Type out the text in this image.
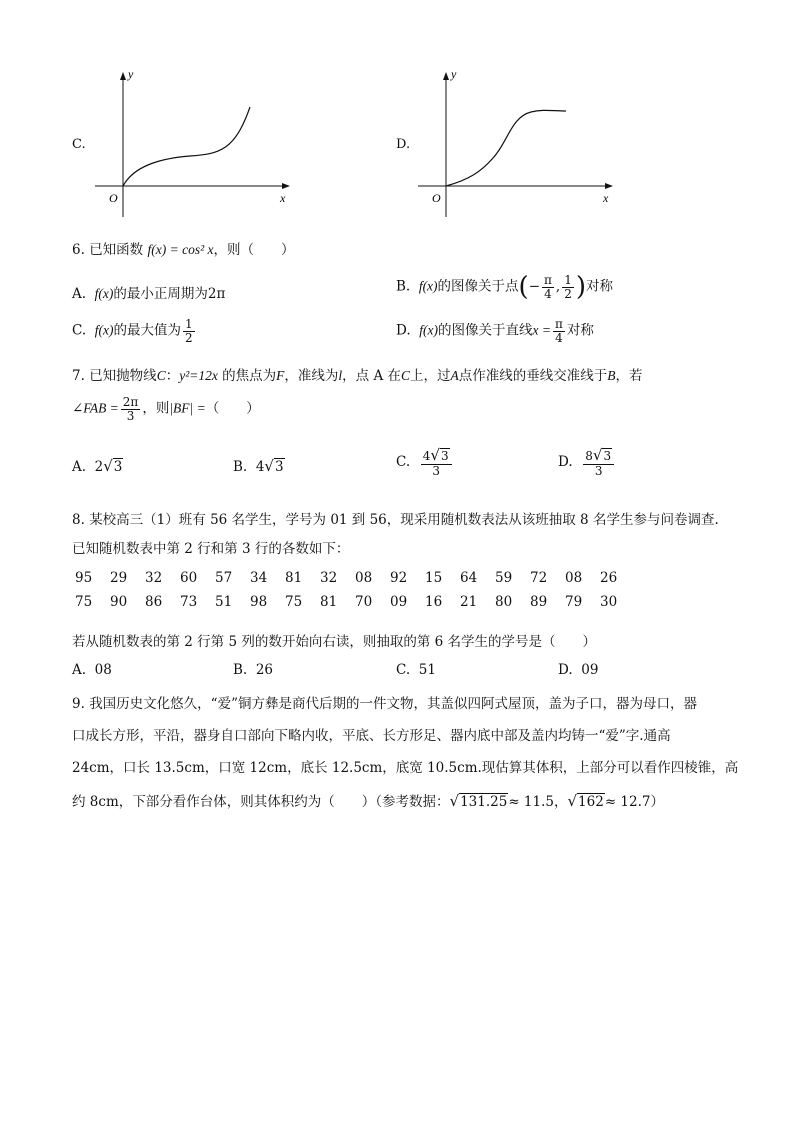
C.
y
x
O
D.
y
x
O
6. 已知函数 f(x) = cos² x，则（　　）
A. f(x)的最小正周期为2π	B. f(x)的图像关于点(− $\frac{\pi}{4}$ , $\frac{1}{2}$ )对称
C. f(x)的最大值为 $\frac{1}{2}$	D. f(x)的图像关于直线$x = \frac{\pi}{4}$ 对称
7. 已知抛物线C：y²=12x 的焦点为F，准线为l，点 A 在C上，过A点作准线的垂线交准线于B，若
∠FAB = $\frac{2\pi}{3}$ ，则|BF| =（　　）
A. 2√3	B. 4√3	C. $\frac{4√3}{3}$	D. $\frac{8√3}{3}$
8. 某校高三（1）班有 56 名学生，学号为 01 到 56，现采用随机数表法从该班抽取 8 名学生参与问卷调查.
已知随机数表中第 2 行和第 3 行的各数如下：
95 29 32 60 57 34 81 32 08 92 15 64 59 72 08 26
75 90 86 73 51 98 75 81 70 09 16 21 80 89 79 30
若从随机数表的第 2 行第 5 列的数开始向右读，则抽取的第 6 名学生的学号是（　　）
A. 08	B. 26	C. 51	D. 09
9. 我国历史文化悠久，“爱”铜方彝是商代后期的一件文物，其盖似四阿式屋顶，盖为子口，器为母口，器
口成长方形，平沿，器身自口部向下略内收，平底、长方形足、器内底中部及盖内均铸一“爱”字.通高
24cm，口长 13.5cm，口宽 12cm，底长 12.5cm，底宽 10.5cm.现估算其体积，上部分可以看作四棱锥，高
约 8cm，下部分看作台体，则其体积约为（　　）（参考数据：√131.25≈ 11.5，√162≈ 12.7）
